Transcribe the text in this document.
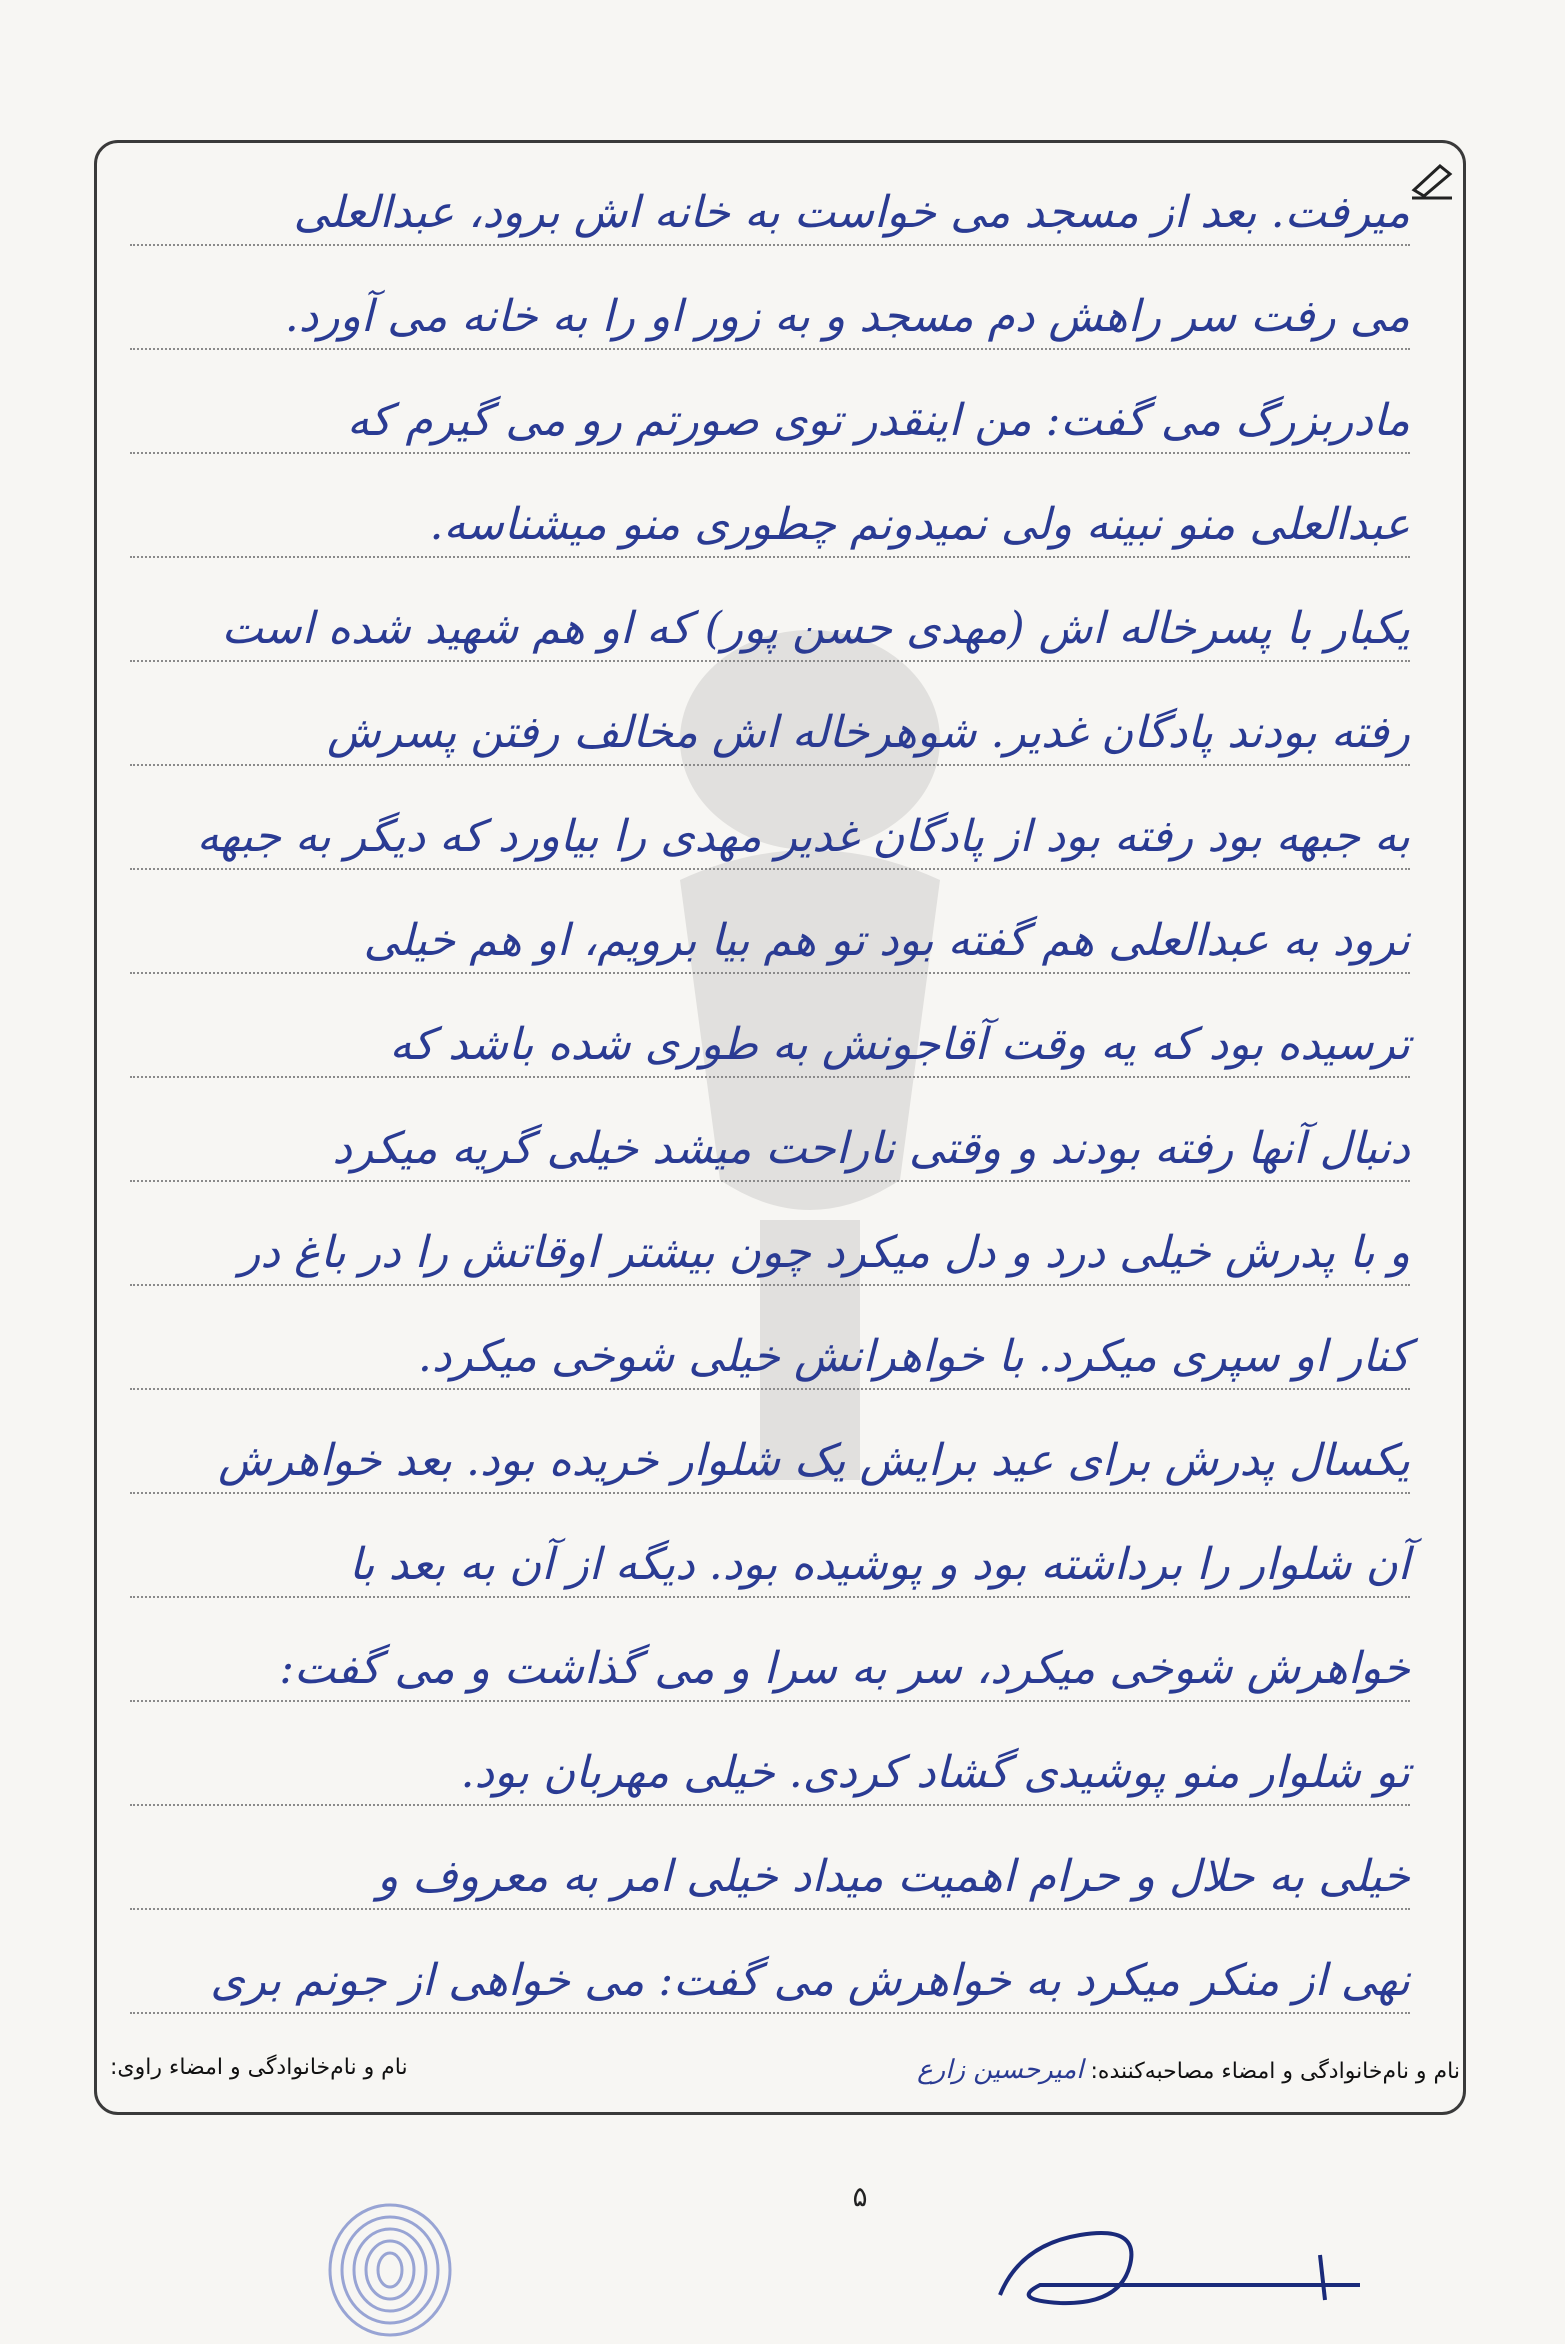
میرفت. بعد از مسجد می خواست به خانه اش برود، عبدالعلی
می رفت سر راهش دم مسجد و به زور او را به خانه می آورد.
مادربزرگ می گفت: من اینقدر توی صورتم رو می گیرم که
عبدالعلی منو نبینه ولی نمیدونم چطوری منو میشناسه.
یکبار با پسرخاله اش (مهدی حسن پور) که او هم شهید شده است
رفته بودند پادگان غدیر. شوهرخاله اش مخالف رفتن پسرش
به جبهه بود رفته بود از پادگان غدیر مهدی را بیاورد که دیگر به جبهه
نرود به عبدالعلی هم گفته بود تو هم بیا برویم، او هم خیلی
ترسیده بود که یه وقت آقاجونش به طوری شده باشد که
دنبال آنها رفته بودند و وقتی ناراحت میشد خیلی گریه میکرد
و با پدرش خیلی درد و دل میکرد چون بیشتر اوقاتش را در باغ در
کنار او سپری میکرد. با خواهرانش خیلی شوخی میکرد.
یکسال پدرش برای عید برایش یک شلوار خریده بود. بعد خواهرش
آن شلوار را برداشته بود و پوشیده بود. دیگه از آن به بعد با
خواهرش شوخی میکرد، سر به سرا و می گذاشت و می گفت:
تو شلوار منو پوشیدی گشاد کردی. خیلی مهربان بود.
خیلی به حلال و حرام اهمیت میداد خیلی امر به معروف و
نهی از منکر میکرد به خواهرش می گفت: می خواهی از جونم بری
نام و نام‌خانوادگی و امضاء مصاحبه‌کننده: امیرحسین زارع
نام و نام‌خانوادگی و امضاء راوی:
۵
